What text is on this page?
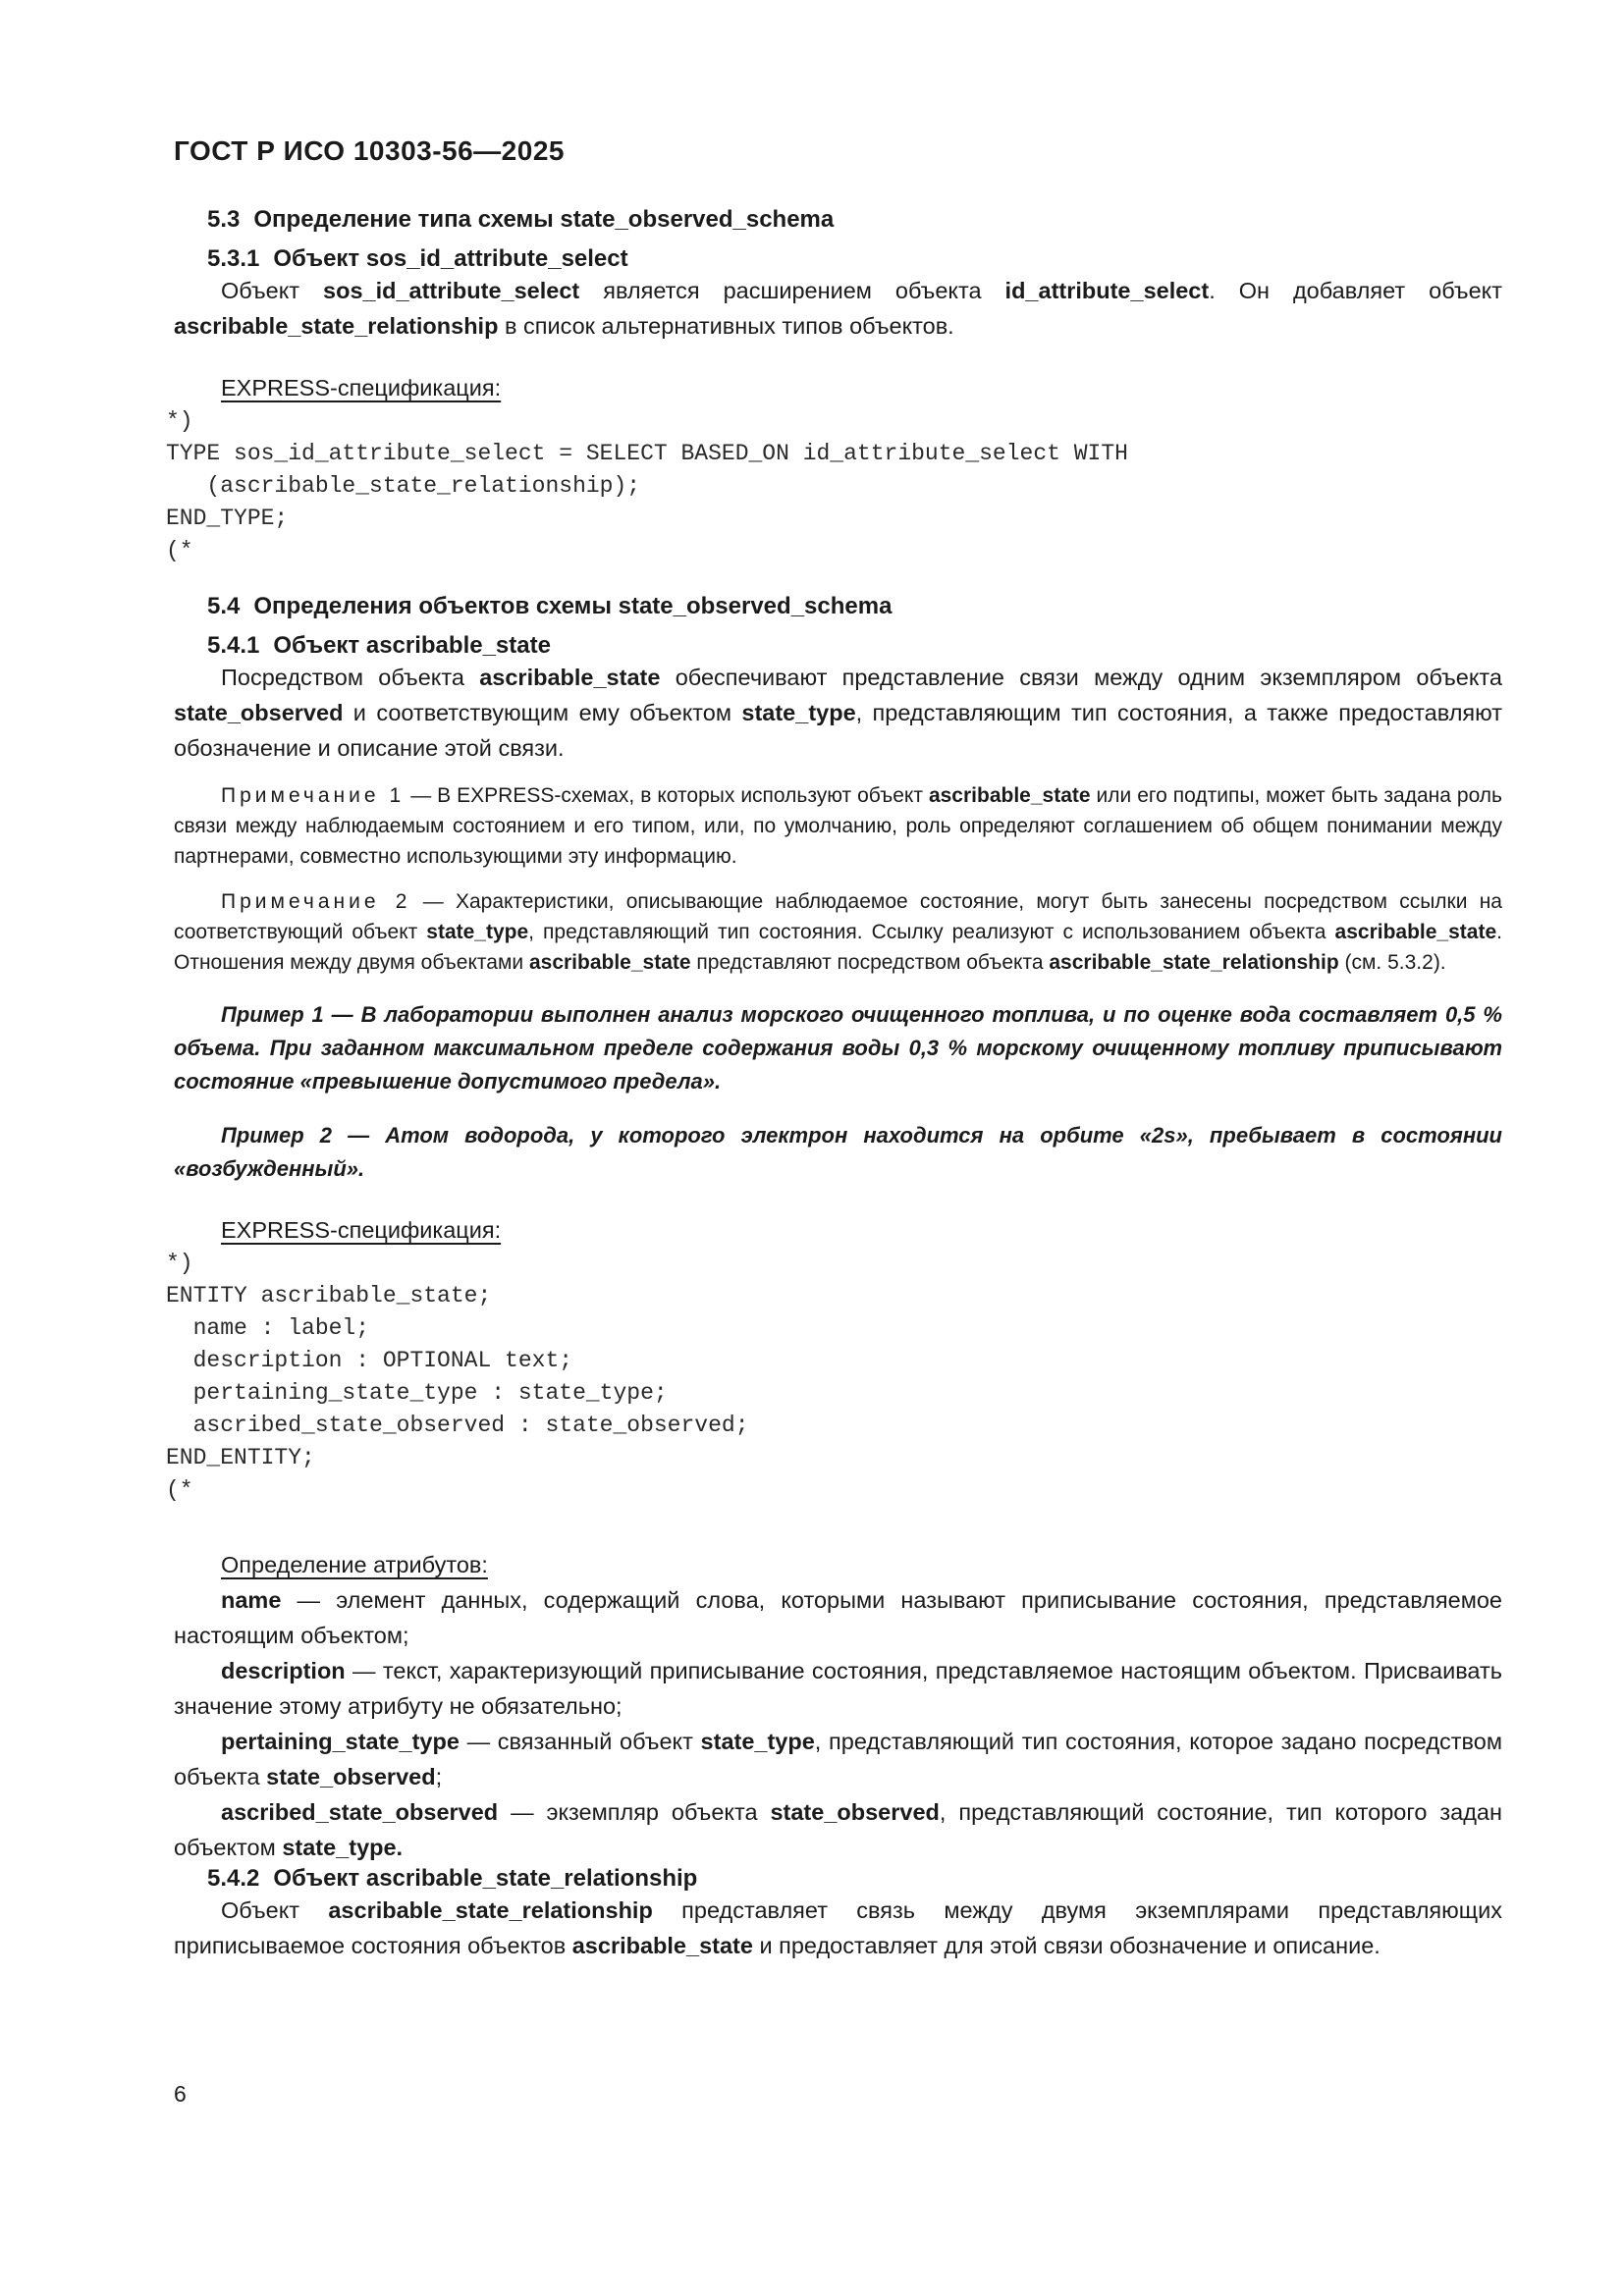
ГОСТ Р ИСО 10303-56—2025
5.3 Определение типа схемы state_observed_schema
5.3.1 Объект sos_id_attribute_select
Объект sos_id_attribute_select является расширением объекта id_attribute_select. Он добавляет объект ascribable_state_relationship в список альтернативных типов объектов.
EXPRESS-спецификация:
*)
TYPE sos_id_attribute_select = SELECT BASED_ON id_attribute_select WITH
(ascribable_state_relationship);
END_TYPE;
(*
5.4 Определения объектов схемы state_observed_schema
5.4.1 Объект ascribable_state
Посредством объекта ascribable_state обеспечивают представление связи между одним экземпляром объекта state_observed и соответствующим ему объектом state_type, представляющим тип состояния, а также предоставляют обозначение и описание этой связи.
Примечание 1 — В EXPRESS-схемах, в которых используют объект ascribable_state или его подтипы, может быть задана роль связи между наблюдаемым состоянием и его типом, или, по умолчанию, роль определяют соглашением об общем понимании между партнерами, совместно использующими эту информацию.
Примечание 2 — Характеристики, описывающие наблюдаемое состояние, могут быть занесены посредством ссылки на соответствующий объект state_type, представляющий тип состояния. Ссылку реализуют с использованием объекта ascribable_state. Отношения между двумя объектами ascribable_state представляют посредством объекта ascribable_state_relationship (см. 5.3.2).
Пример 1 — В лаборатории выполнен анализ морского очищенного топлива, и по оценке вода составляет 0,5 % объема. При заданном максимальном пределе содержания воды 0,3 % морскому очищенному топливу приписывают состояние «превышение допустимого предела».
Пример 2 — Атом водорода, у которого электрон находится на орбите «2s», пребывает в состоянии «возбужденный».
EXPRESS-спецификация:
*)
ENTITY ascribable_state;
name : label;
description : OPTIONAL text;
pertaining_state_type : state_type;
ascribed_state_observed : state_observed;
END_ENTITY;
(*
Определение атрибутов:
name — элемент данных, содержащий слова, которыми называют приписывание состояния, представляемое настоящим объектом;
description — текст, характеризующий приписывание состояния, представляемое настоящим объектом. Присваивать значение этому атрибуту не обязательно;
pertaining_state_type — связанный объект state_type, представляющий тип состояния, которое задано посредством объекта state_observed;
ascribed_state_observed — экземпляр объекта state_observed, представляющий состояние, тип которого задан объектом state_type.
5.4.2 Объект ascribable_state_relationship
Объект ascribable_state_relationship представляет связь между двумя экземплярами представляющих приписываемое состояния объектов ascribable_state и предоставляет для этой связи обозначение и описание.
6
